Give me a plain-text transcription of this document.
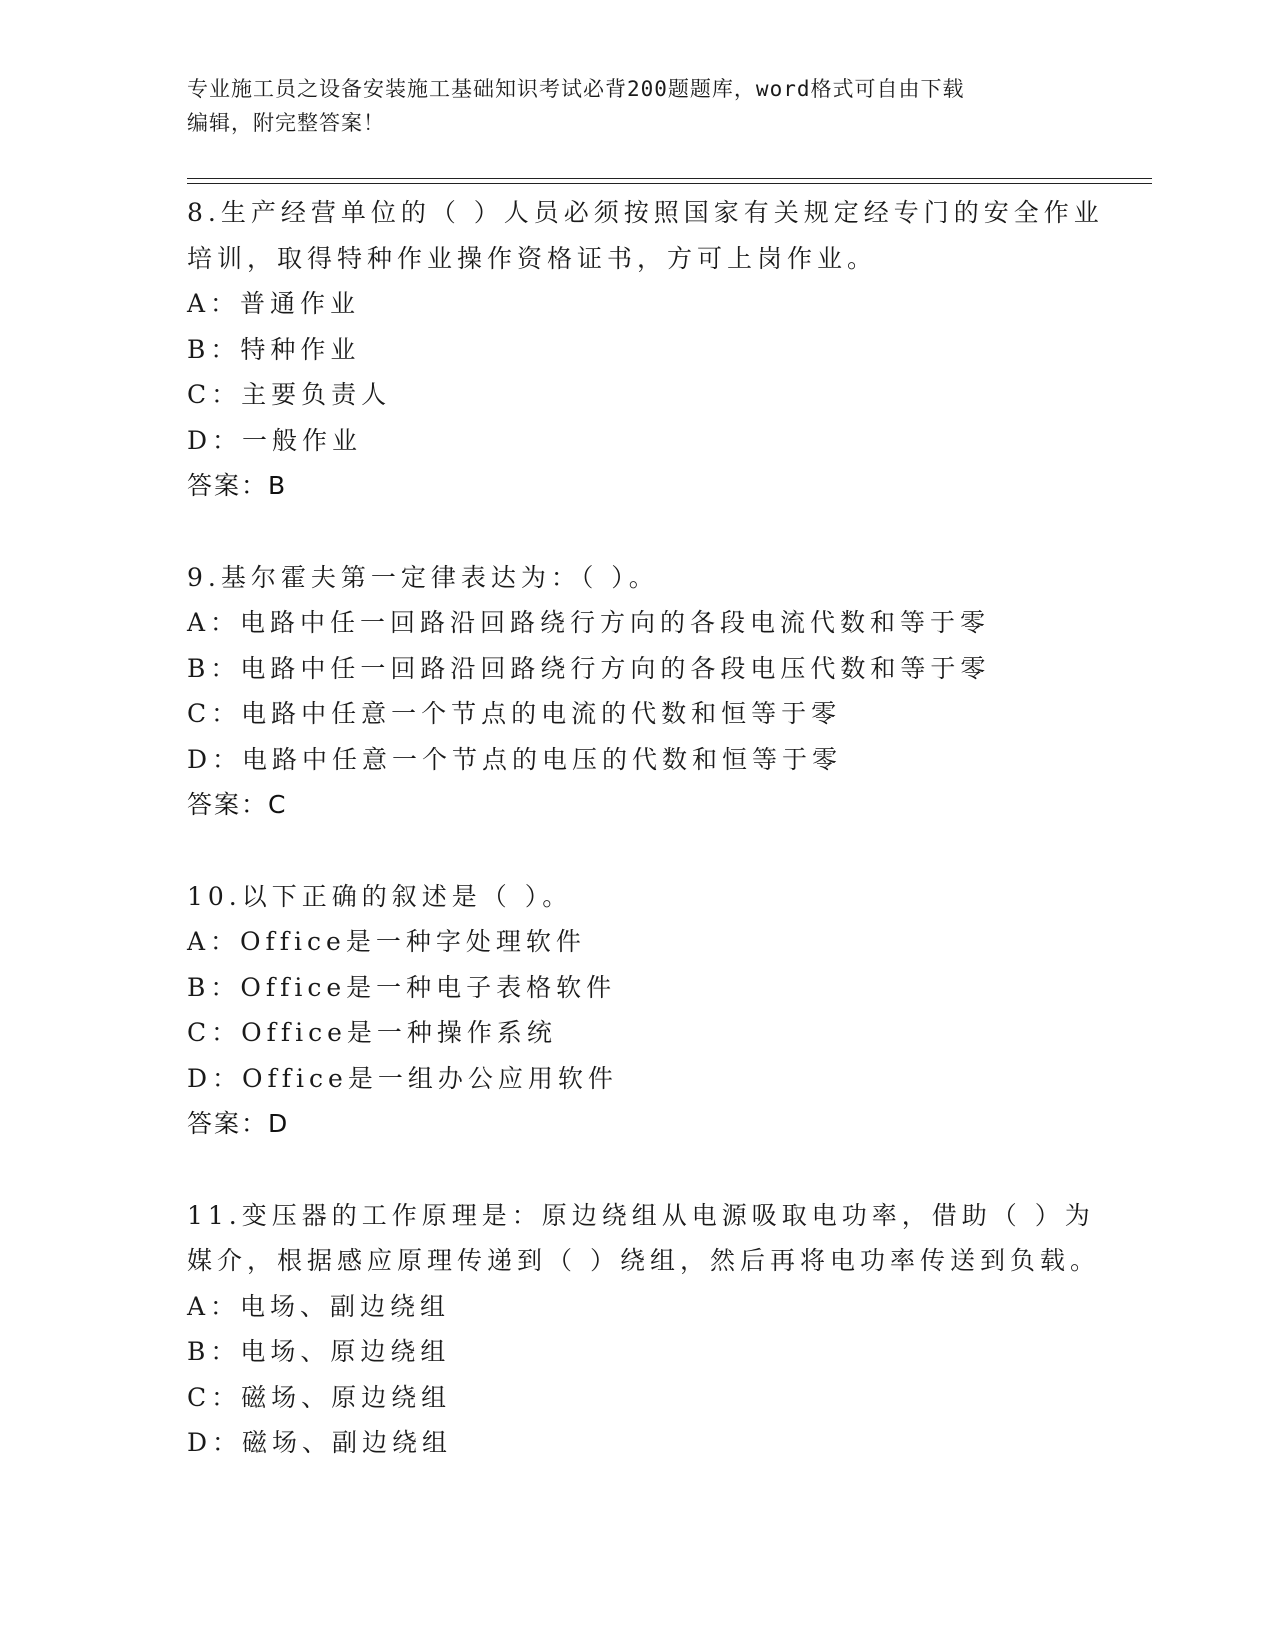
专业施工员之设备安装施工基础知识考试必背200题题库，word格式可自由下载
编辑，附完整答案！
8.生产经营单位的（ ）人员必须按照国家有关规定经专门的安全作业
培训，取得特种作业操作资格证书，方可上岗作业。
A：普通作业
B：特种作业
C：主要负责人
D：一般作业
答案：B
9.基尔霍夫第一定律表达为：（ ）。
A：电路中任一回路沿回路绕行方向的各段电流代数和等于零
B：电路中任一回路沿回路绕行方向的各段电压代数和等于零
C：电路中任意一个节点的电流的代数和恒等于零
D：电路中任意一个节点的电压的代数和恒等于零
答案：C
10.以下正确的叙述是（ ）。
A：Office是一种字处理软件
B：Office是一种电子表格软件
C：Office是一种操作系统
D：Office是一组办公应用软件
答案：D
11.变压器的工作原理是：原边绕组从电源吸取电功率，借助（ ）为
媒介，根据感应原理传递到（ ）绕组，然后再将电功率传送到负载。
A：电场、副边绕组
B：电场、原边绕组
C：磁场、原边绕组
D：磁场、副边绕组
